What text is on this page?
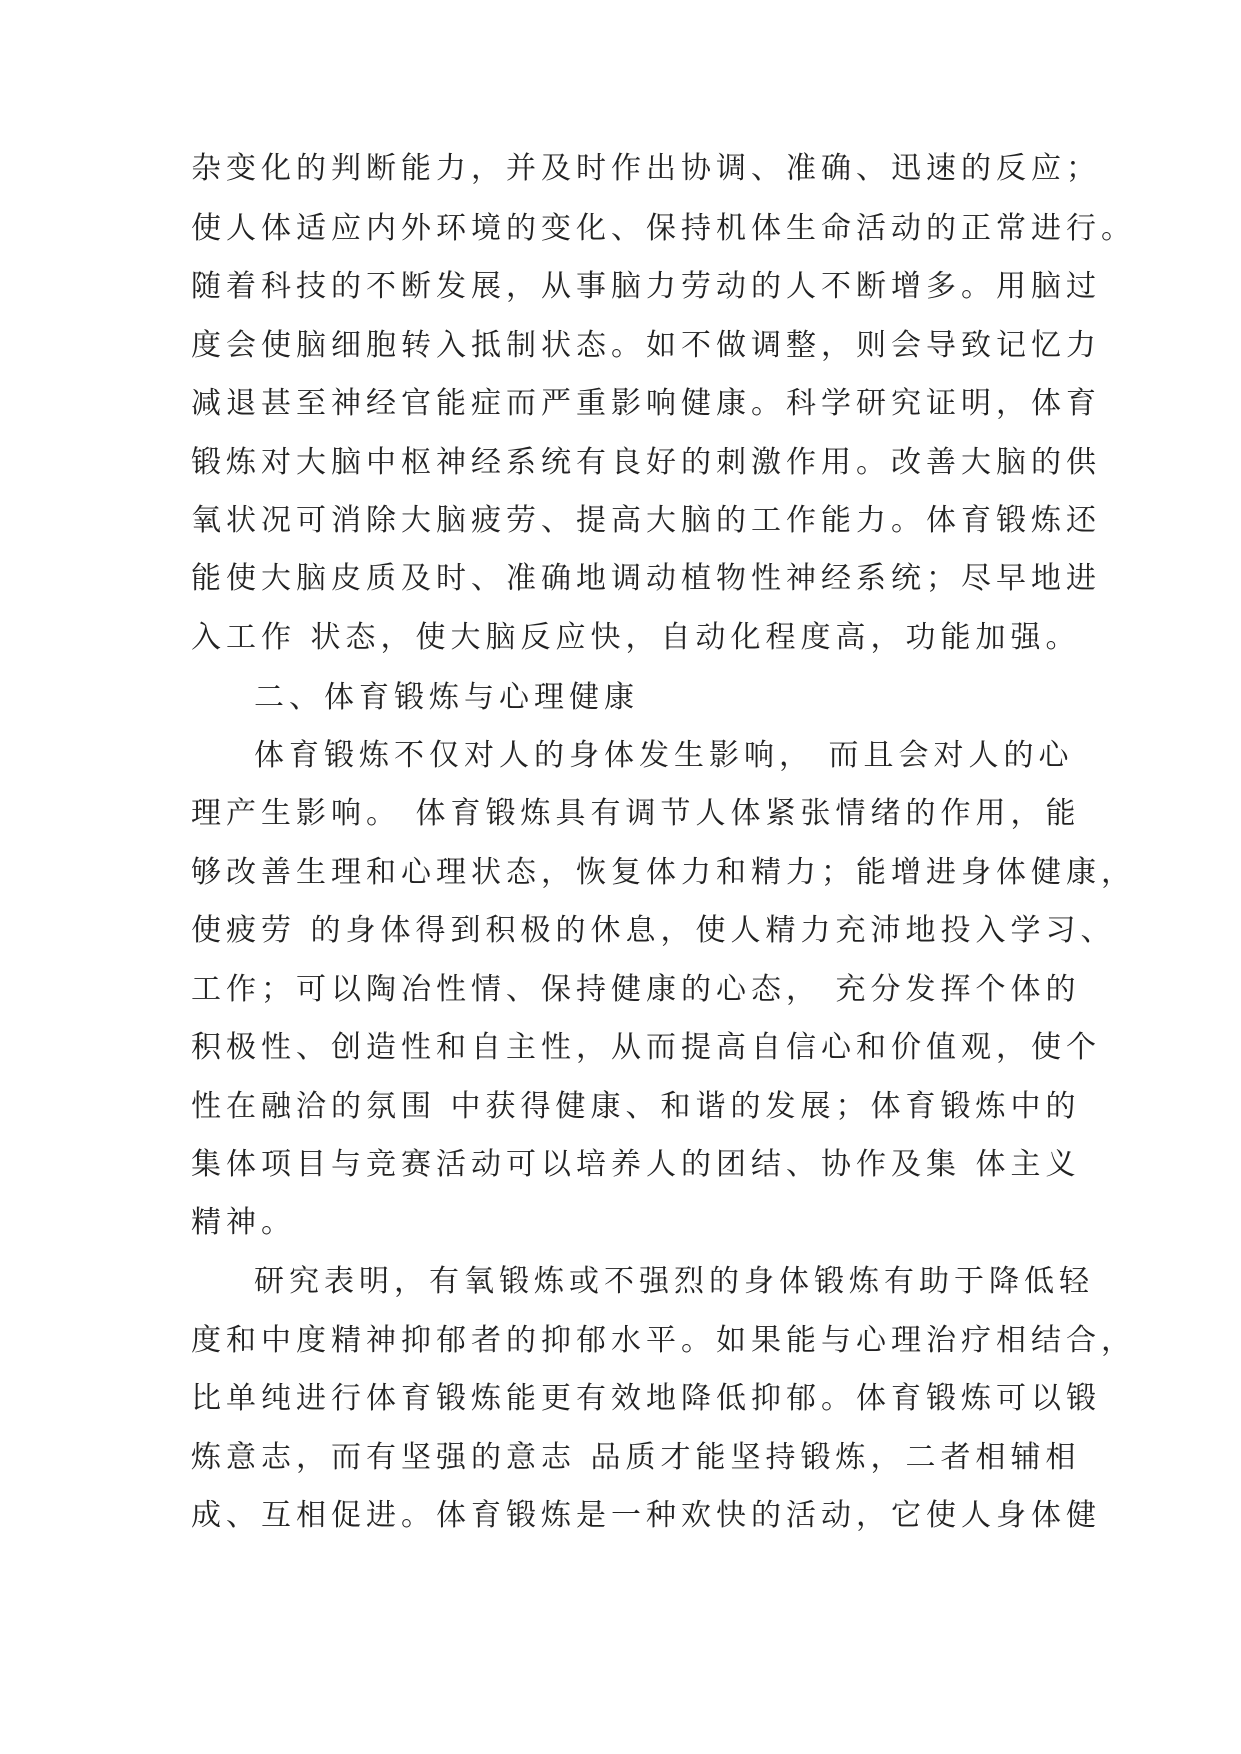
杂变化的判断能力，并及时作出协调、准确、迅速的反应；
使人体适应内外环境的变化、保持机体生命活动的正常进行。
随着科技的不断发展，从事脑力劳动的人不断增多。用脑过
度会使脑细胞转入抵制状态。如不做调整，则会导致记忆力
减退甚至神经官能症而严重影响健康。科学研究证明，体育
锻炼对大脑中枢神经系统有良好的刺激作用。改善大脑的供
氧状况可消除大脑疲劳、提高大脑的工作能力。体育锻炼还
能使大脑皮质及时、准确地调动植物性神经系统；尽早地进
入工作 状态，使大脑反应快，自动化程度高，功能加强。
二、体育锻炼与心理健康
体育锻炼不仅对人的身体发生影响， 而且会对人的心
理产生影响。 体育锻炼具有调节人体紧张情绪的作用，能
够改善生理和心理状态，恢复体力和精力；能增进身体健康，
使疲劳 的身体得到积极的休息，使人精力充沛地投入学习、
工作；可以陶冶性情、保持健康的心态， 充分发挥个体的
积极性、创造性和自主性，从而提高自信心和价值观，使个
性在融洽的氛围 中获得健康、和谐的发展；体育锻炼中的
集体项目与竞赛活动可以培养人的团结、协作及集 体主义
精神。
研究表明，有氧锻炼或不强烈的身体锻炼有助于降低轻
度和中度精神抑郁者的抑郁水平。如果能与心理治疗相结合，
比单纯进行体育锻炼能更有效地降低抑郁。体育锻炼可以锻
炼意志，而有坚强的意志 品质才能坚持锻炼，二者相辅相
成、互相促进。体育锻炼是一种欢快的活动，它使人身体健
